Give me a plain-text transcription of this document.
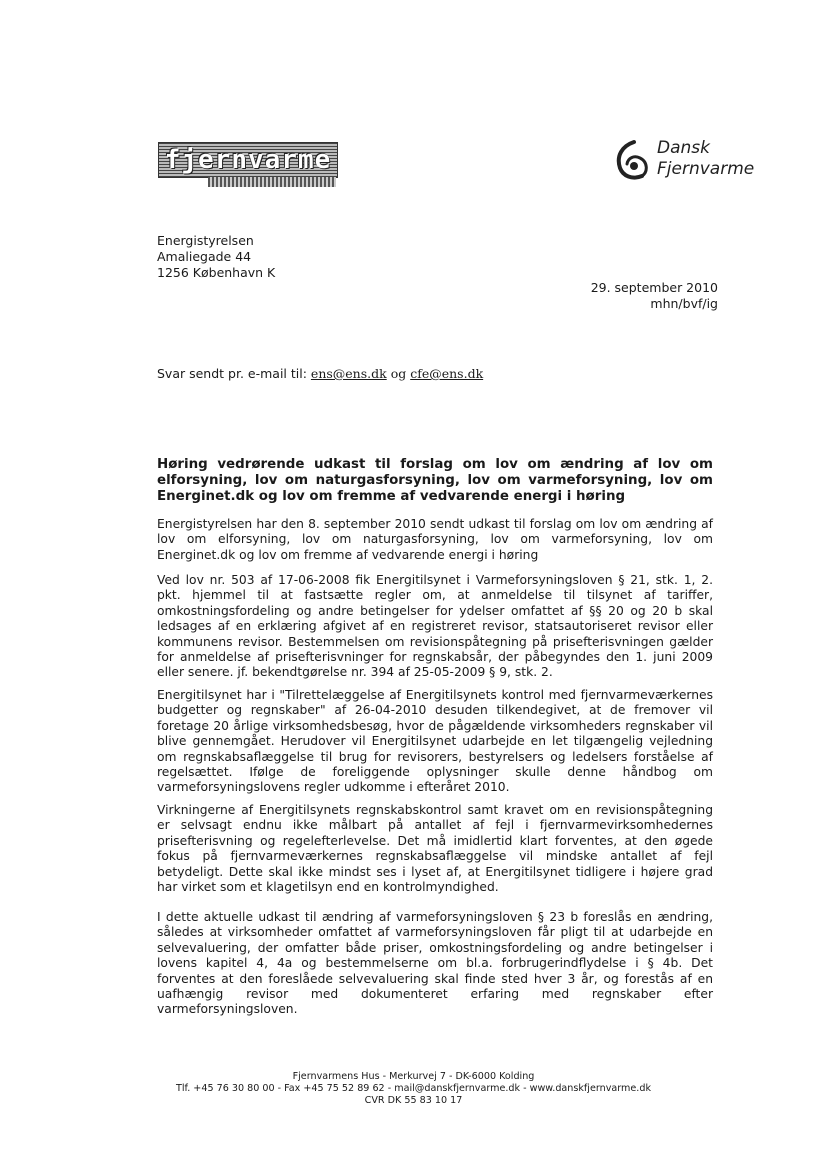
fjernvarme	Dansk
Fjernvarme
Energistyrelsen
Amaliegade 44
1256 København K
29. september 2010
mhn/bvf/ig
Svar sendt pr. e-mail til: ens@ens.dk og cfe@ens.dk
Høring vedrørende udkast til forslag om lov om ændring af lov om elforsyning, lov om naturgasforsyning, lov om varmeforsyning, lov om Energinet.dk og lov om fremme af vedvarende energi i høring

Energistyrelsen har den 8. september 2010 sendt udkast til forslag om lov om ændring af lov om elforsyning, lov om naturgasforsyning, lov om varmeforsyning, lov om Energinet.dk og lov om fremme af vedvarende energi i høring

Ved lov nr. 503 af 17-06-2008 fik Energitilsynet i Varmeforsyningsloven § 21, stk. 1, 2. pkt. hjemmel til at fastsætte regler om, at anmeldelse til tilsynet af tariffer, omkostningsfordeling og andre betingelser for ydelser omfattet af §§ 20 og 20 b skal ledsages af en erklæring afgivet af en registreret revisor, statsautoriseret revisor eller kommunens revisor. Bestemmelsen om revisionspåtegning på prisefterisvningen gælder for anmeldelse af prisefterisvninger for regnskabsår, der påbegyndes den 1. juni 2009 eller senere. jf. bekendtgørelse nr. 394 af 25-05-2009 § 9, stk. 2.

Energitilsynet har i "Tilrettelæggelse af Energitilsynets kontrol med fjernvarmeværkernes budgetter og regnskaber" af 26-04-2010 desuden tilkendegivet, at de fremover vil foretage 20 årlige virksomhedsbesøg, hvor de pågældende virksomheders regnskaber vil blive gennemgået. Herudover vil Energitilsynet udarbejde en let tilgængelig vejledning om regnskabsaflæggelse til brug for revisorers, bestyrelsers og ledelsers forståelse af regelsættet. Ifølge de foreliggende oplysninger skulle denne håndbog om varmeforsyningslovens regler udkomme i efteråret 2010.

Virkningerne af Energitilsynets regnskabskontrol samt kravet om en revisionspåtegning er selvsagt endnu ikke målbart på antallet af fejl i fjernvarmevirksomhedernes prisefterisvning og regelefterlevelse. Det må imidlertid klart forventes, at den øgede fokus på fjernvarmeværkernes regnskabsaflæggelse vil mindske antallet af fejl betydeligt. Dette skal ikke mindst ses i lyset af, at Energitilsynet tidligere i højere grad har virket som et klagetilsyn end en kontrolmyndighed.

I dette aktuelle udkast til ændring af varmeforsyningsloven § 23 b foreslås en ændring, således at virksomheder omfattet af varmeforsyningsloven får pligt til at udarbejde en selvevaluering, der omfatter både priser, omkostningsfordeling og andre betingelser i lovens kapitel 4, 4a og bestemmelserne om bl.a. forbrugerindflydelse i § 4b. Det forventes at den foreslåede selvevaluering skal finde sted hver 3 år, og forestås af en uafhængig revisor med dokumenteret erfaring med regnskaber efter varmeforsyningsloven.

Fjernvarmens Hus - Merkurvej 7 - DK-6000 Kolding
Tlf. +45 76 30 80 00 - Fax +45 75 52 89 62 - mail@danskfjernvarme.dk - www.danskfjernvarme.dk
CVR DK 55 83 10 17
